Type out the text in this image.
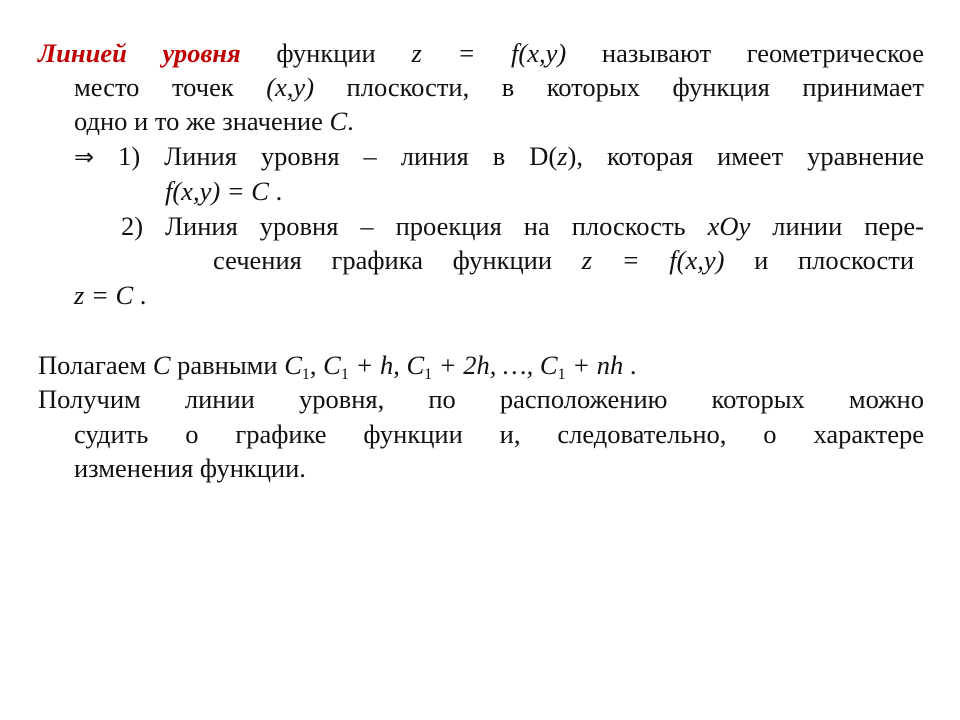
Линией уровня функции z = f(x,y) называют геометрическое
место точек (x,y) плоскости, в которых функция принимает
одно и то же значение C.
⇒ 1) Линия уровня – линия в D(z), которая имеет уравнение
f(x,y) = C .
2) Линия уровня – проекция на плоскость xOy линии пере-
сечения графика функции z = f(x,y) и плоскости
z = C .
Полагаем C равными $C_1$, $C_1 + h$, $C_1 + 2h$, …, $C_1$ + nh .
Получим линии уровня, по расположению которых можно
судить о графике функции и, следовательно, о характере
изменения функции.
